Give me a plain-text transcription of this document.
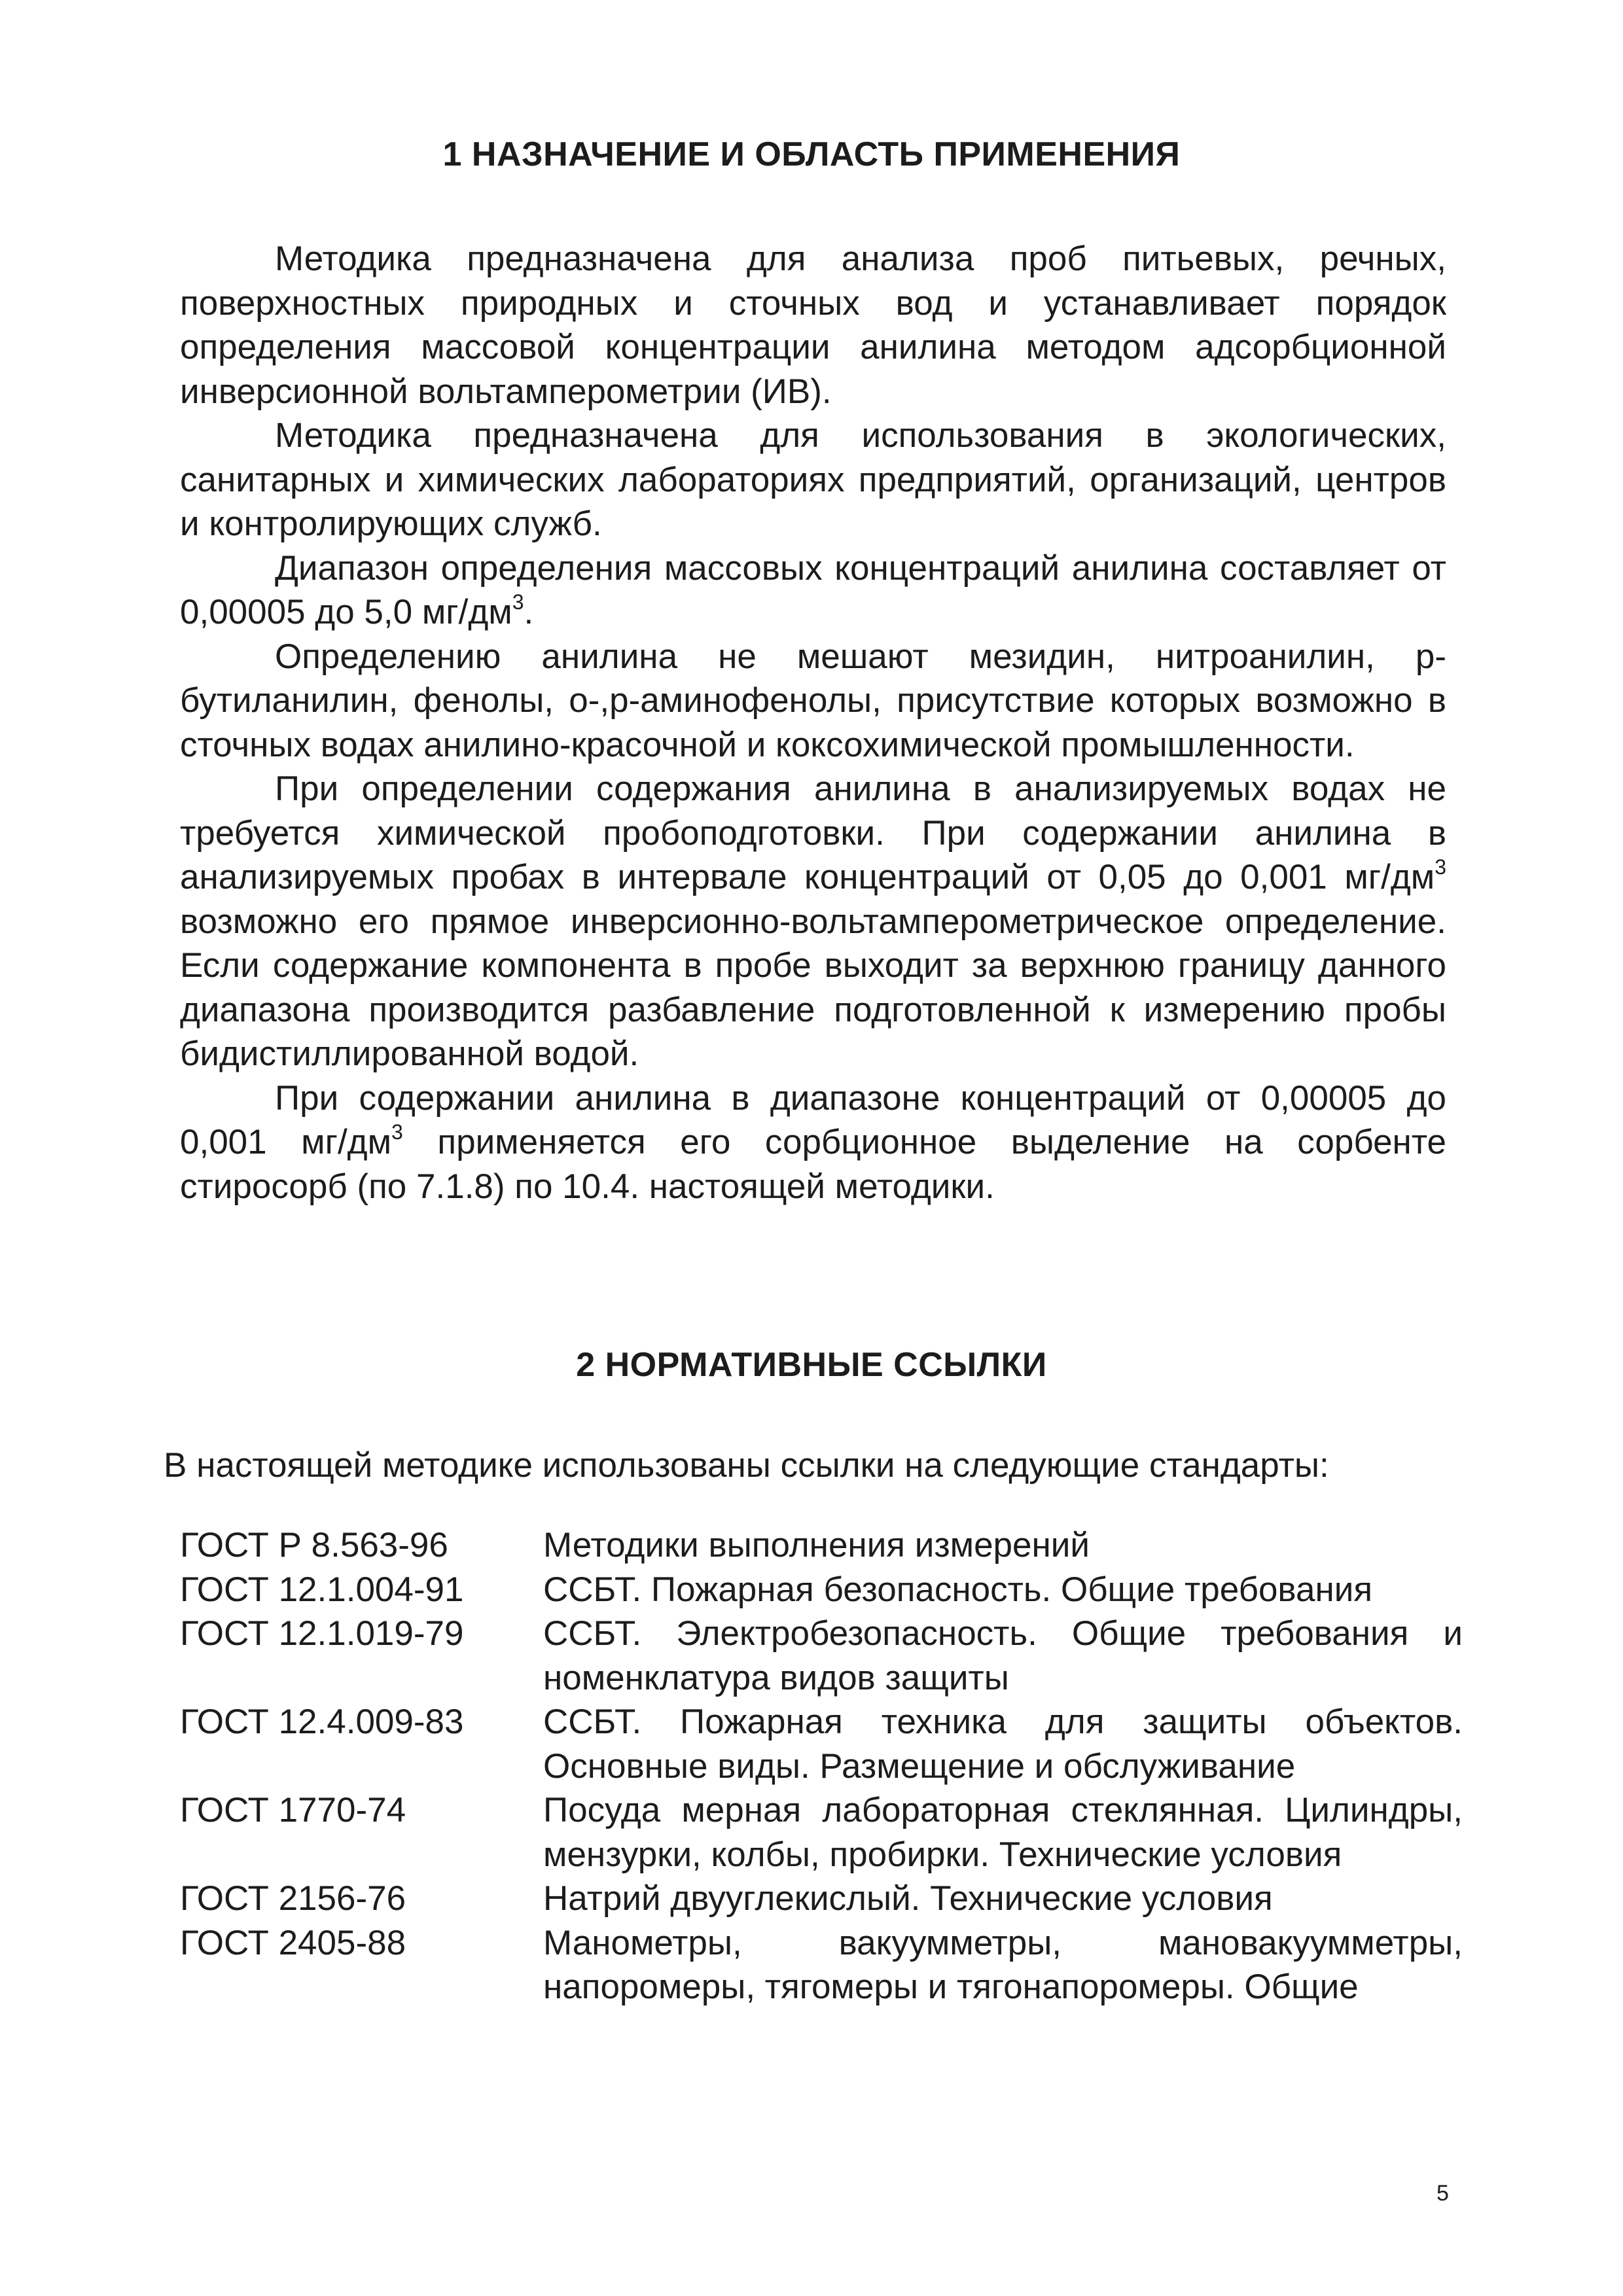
1 НАЗНАЧЕНИЕ И ОБЛАСТЬ ПРИМЕНЕНИЯ

Методика предназначена для анализа проб питьевых, речных, поверхностных природных и сточных вод и устанавливает порядок определения массовой концентрации анилина методом адсорбционной инверсионной вольтамперометрии (ИВ).

Методика предназначена для использования в экологических, санитарных и химических лабораториях предприятий, организаций, центров и контролирующих служб.

Диапазон определения массовых концентраций анилина составляет от 0,00005 до 5,0 $мг/дм^3$.

Определению анилина не мешают мезидин, нитроанилин, р-бутиланилин, фенолы, о-,р-аминофенолы, присутствие которых возможно в сточных водах анилино-красочной и коксохимической промышленности.

При определении содержания анилина в анализируемых водах не требуется химической пробоподготовки. При содержании анилина в анализируемых пробах в интервале концентраций от 0,05 до 0,001 $мг/дм^3$ возможно его прямое инверсионно-вольтамперометрическое определение. Если содержание компонента в пробе выходит за верхнюю границу данного диапазона производится разбавление подготовленной к измерению пробы бидистиллированной водой.

При содержании анилина в диапазоне концентраций от 0,00005 до 0,001 $мг/дм^3$ применяется его сорбционное выделение на сорбенте стиросорб (по 7.1.8) по 10.4. настоящей методики.

2 НОРМАТИВНЫЕ ССЫЛКИ

В настоящей методике использованы ссылки на следующие стандарты:

ГОСТ Р 8.563-96	Методики выполнения измерений
ГОСТ 12.1.004-91	ССБТ. Пожарная безопасность. Общие требования
ГОСТ 12.1.019-79	ССБТ. Электробезопасность. Общие требования и номенклатура видов защиты
ГОСТ 12.4.009-83	ССБТ. Пожарная техника для защиты объектов. Основные виды. Размещение и обслуживание
ГОСТ 1770-74	Посуда мерная лабораторная стеклянная. Цилиндры, мензурки, колбы, пробирки. Технические условия
ГОСТ 2156-76	Натрий двууглекислый. Технические условия
ГОСТ 2405-88	Манометры, вакуумметры, мановакуумметры, напоромеры, тягомеры и тягонапоромеры. Общие
5
